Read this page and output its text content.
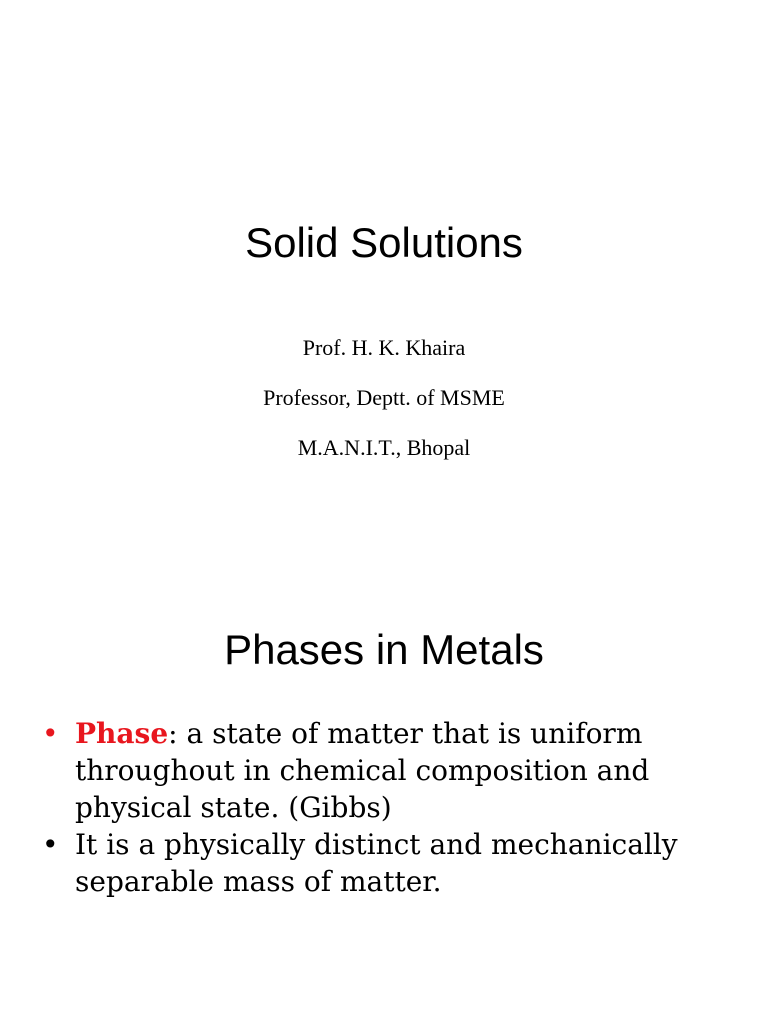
Solid Solutions
Prof. H. K. Khaira
Professor, Deptt. of MSME
M.A.N.I.T., Bhopal
Phases in Metals
• Phase: a state of matter that is uniform throughout in chemical composition and physical state. (Gibbs)
• It is a physically distinct and mechanically separable mass of matter.
